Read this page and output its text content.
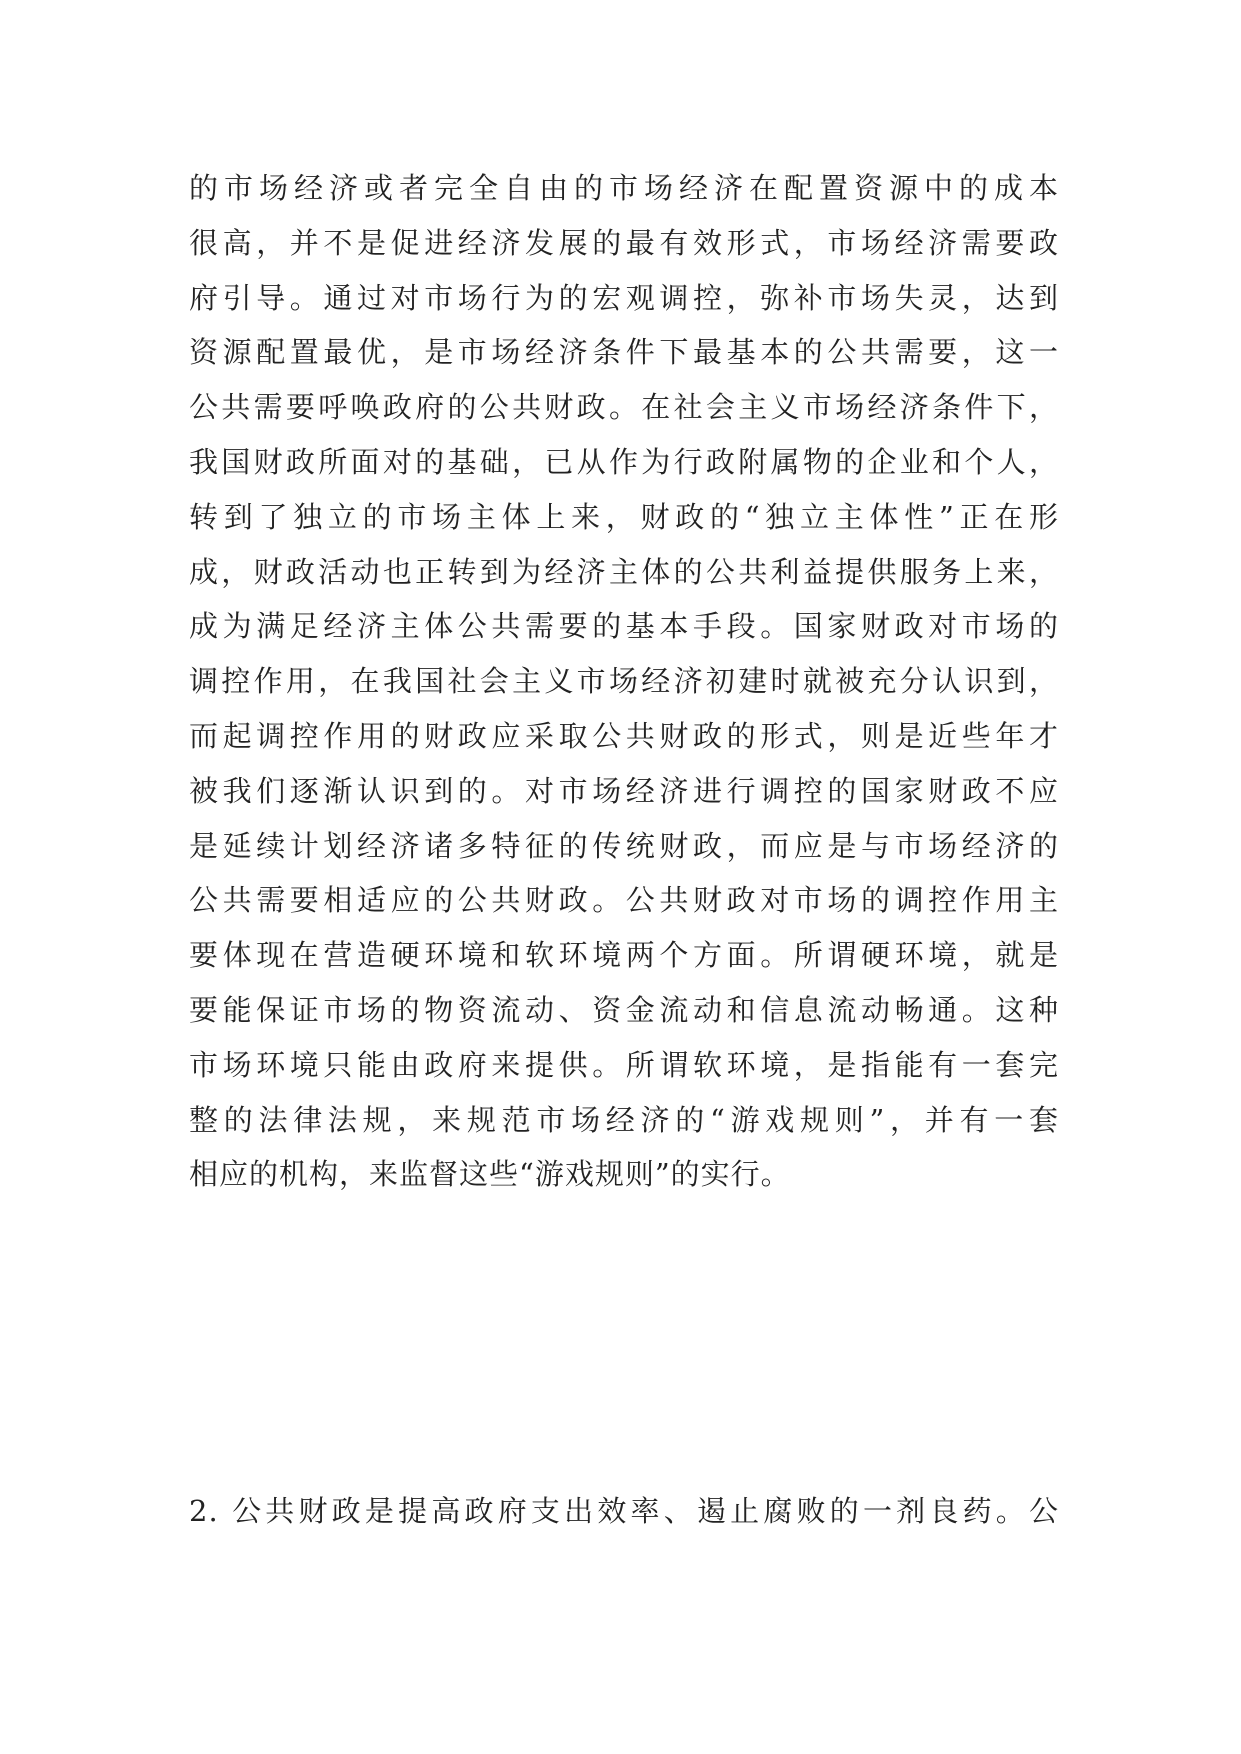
的市场经济或者完全自由的市场经济在配置资源中的成本
很高，并不是促进经济发展的最有效形式，市场经济需要政
府引导。通过对市场行为的宏观调控，弥补市场失灵，达到
资源配置最优，是市场经济条件下最基本的公共需要，这一
公共需要呼唤政府的公共财政。在社会主义市场经济条件下，
我国财政所面对的基础，已从作为行政附属物的企业和个人，
转到了独立的市场主体上来，财政的“独立主体性”正在形
成，财政活动也正转到为经济主体的公共利益提供服务上来，
成为满足经济主体公共需要的基本手段。国家财政对市场的
调控作用，在我国社会主义市场经济初建时就被充分认识到，
而起调控作用的财政应采取公共财政的形式，则是近些年才
被我们逐渐认识到的。对市场经济进行调控的国家财政不应
是延续计划经济诸多特征的传统财政，而应是与市场经济的
公共需要相适应的公共财政。公共财政对市场的调控作用主
要体现在营造硬环境和软环境两个方面。所谓硬环境，就是
要能保证市场的物资流动、资金流动和信息流动畅通。这种
市场环境只能由政府来提供。所谓软环境，是指能有一套完
整的法律法规，来规范市场经济的“游戏规则”，并有一套
相应的机构，来监督这些“游戏规则”的实行。
2. 公共财政是提高政府支出效率、遏止腐败的一剂良药。公
